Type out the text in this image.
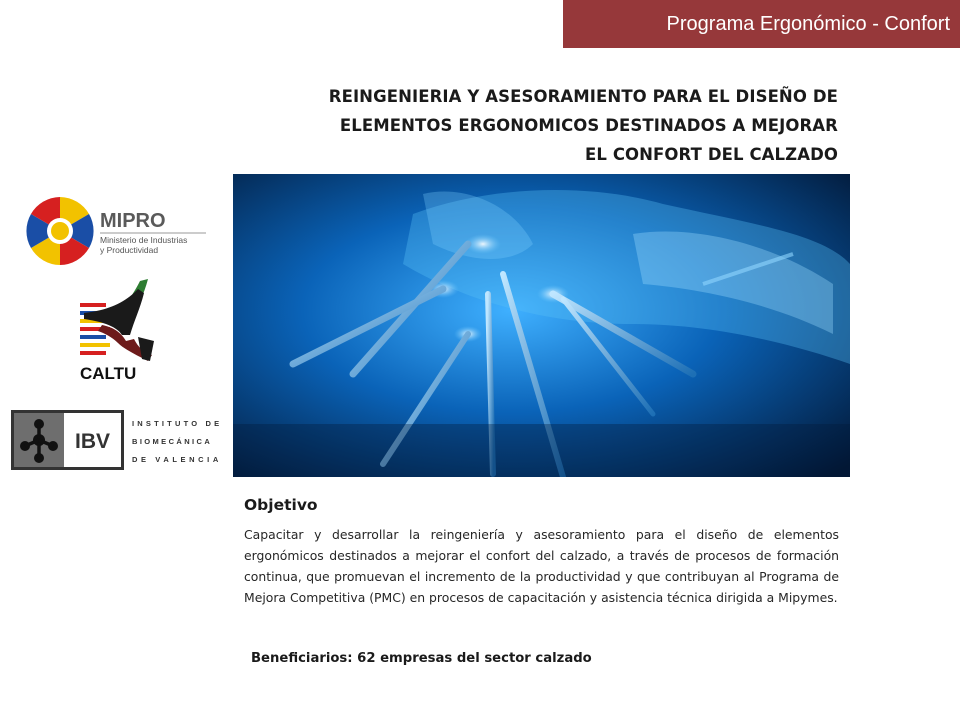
Programa Ergonómico - Confort
REINGENIERIA Y ASESORAMIENTO PARA EL DISEÑO DE
ELEMENTOS ERGONOMICOS DESTINADOS A MEJORAR
EL CONFORT DEL CALZADO
MIPRO
Ministerio de Industrias
y Productividad
CALTU
IBV
INSTITUTO DE
BIOMECÁNICA
DE VALENCIA
Objetivo
Capacitar y desarrollar la reingeniería y asesoramiento para el diseño de elementos ergonómicos destinados a mejorar el confort del calzado, a través de procesos de formación continua, que promuevan el incremento de la productividad y que contribuyan al Programa de Mejora Competitiva (PMC) en procesos de capacitación y asistencia técnica dirigida a Mipymes.
Beneficiarios: 62 empresas del sector calzado
